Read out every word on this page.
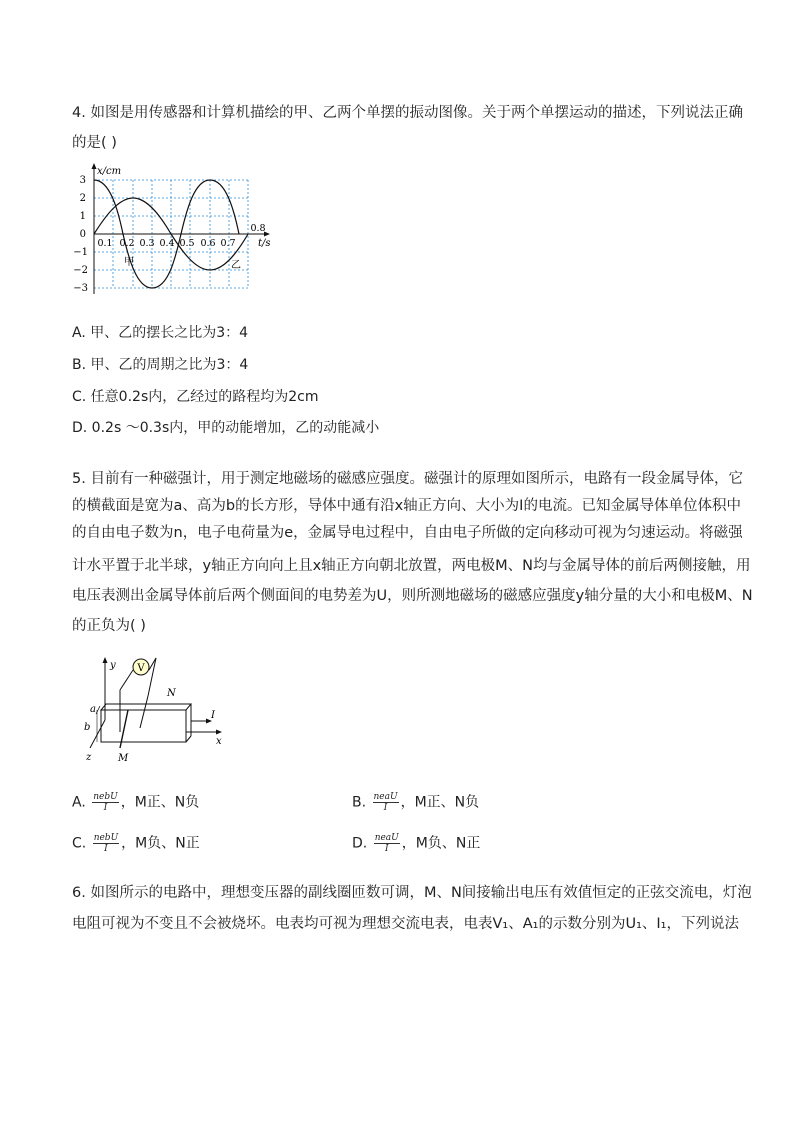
4. 如图是用传感器和计算机描绘的甲、乙两个单摆的振动图像。关于两个单摆运动的描述，下列说法正确
的是( )
x/cm
3
2
1
0
−1
−2
−3
0.1 0.2 0.3 0.4 0.5 0.6 0.7
0.8
t/s
甲	乙
A. 甲、乙的摆长之比为3：4
B. 甲、乙的周期之比为3：4
C. 任意0.2s内，乙经过的路程均为2cm
D. 0.2s ～0.3s内，甲的动能增加，乙的动能减小
5. 目前有一种磁强计，用于测定地磁场的磁感应强度。磁强计的原理如图所示，电路有一段金属导体，它
的横截面是宽为a、高为b的长方形，导体中通有沿x轴正方向、大小为I的电流。已知金属导体单位体积中
的自由电子数为n，电子电荷量为e，金属导电过程中，自由电子所做的定向移动可视为匀速运动。将磁强
计水平置于北半球，y轴正方向向上且x轴正方向朝北放置，两电极M、N均与金属导体的前后两侧接触，用
电压表测出金属导体前后两个侧面间的电势差为U，则所测地磁场的磁感应强度y轴分量的大小和电极M、N
的正负为( )
y
z
x
I
a
b
V
N
M
A. $\frac{\text{nebU}}{I}$ ，M正、N负	B. $\frac{\text{neaU}}{I}$ ，M正、N负
C. $\frac{\text{nebU}}{I}$ ，M负、N正	D. $\frac{\text{neaU}}{I}$ ，M负、N正
6. 如图所示的电路中，理想变压器的副线圈匝数可调，M、N间接输出电压有效值恒定的正弦交流电，灯泡
电阻可视为不变且不会被烧坏。电表均可视为理想交流电表，电表V₁、A₁的示数分别为U₁、I₁，下列说法
